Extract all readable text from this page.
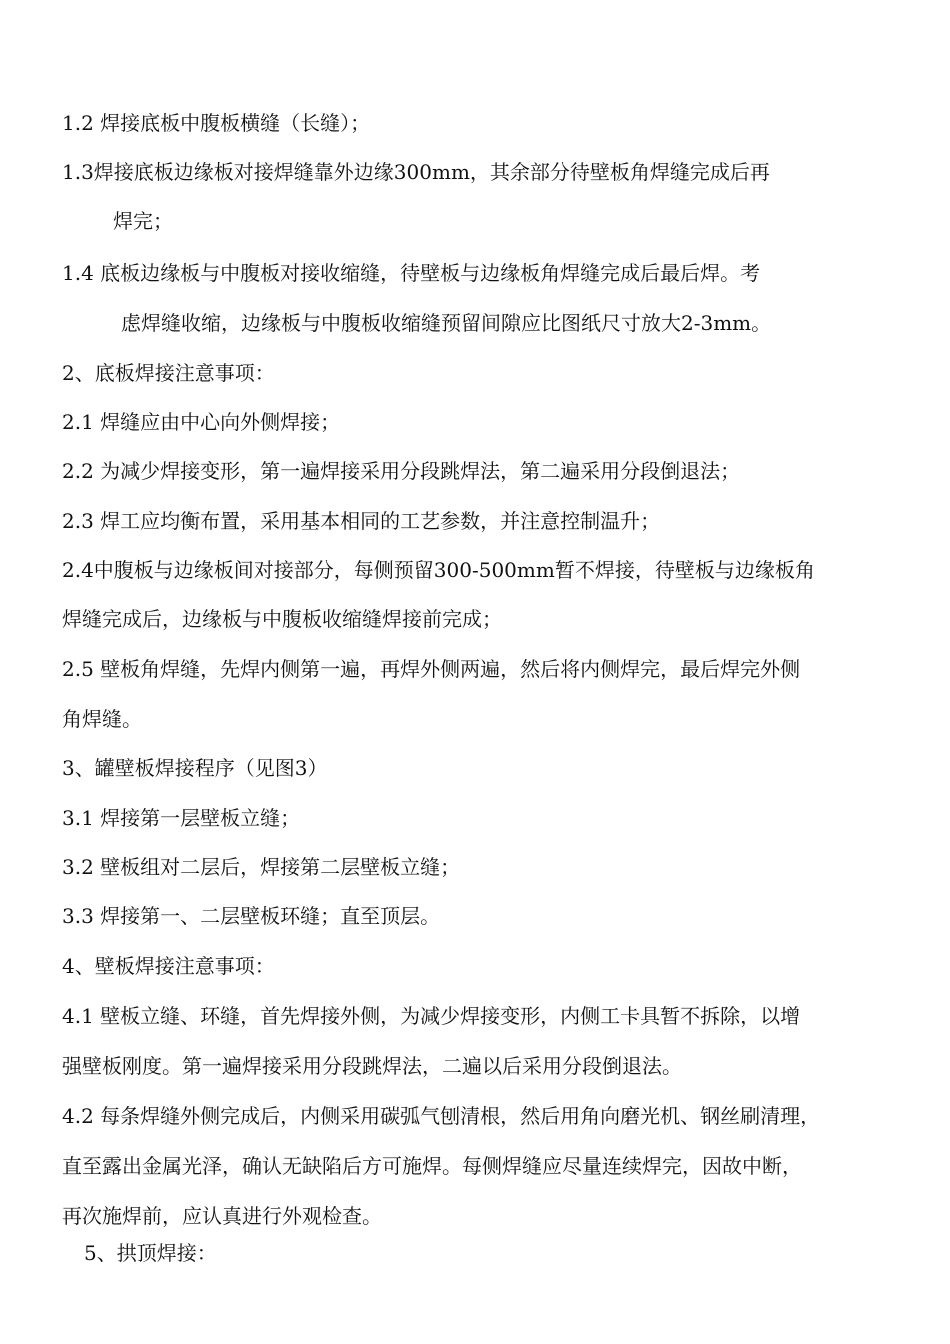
1.2 焊接底板中腹板横缝（长缝）；
1.3焊接底板边缘板对接焊缝靠外边缘300mm，其余部分待壁板角焊缝完成后再
焊完；
1.4 底板边缘板与中腹板对接收缩缝，待壁板与边缘板角焊缝完成后最后焊。考
虑焊缝收缩，边缘板与中腹板收缩缝预留间隙应比图纸尺寸放大2-3mm。
2、底板焊接注意事项：
2.1 焊缝应由中心向外侧焊接；
2.2 为减少焊接变形，第一遍焊接采用分段跳焊法，第二遍采用分段倒退法；
2.3 焊工应均衡布置，采用基本相同的工艺参数，并注意控制温升；
2.4中腹板与边缘板间对接部分，每侧预留300-500mm暂不焊接，待壁板与边缘板角
焊缝完成后，边缘板与中腹板收缩缝焊接前完成；
2.5 壁板角焊缝，先焊内侧第一遍，再焊外侧两遍，然后将内侧焊完，最后焊完外侧
角焊缝。
3、罐壁板焊接程序（见图3）
3.1 焊接第一层壁板立缝；
3.2 壁板组对二层后，焊接第二层壁板立缝；
3.3 焊接第一、二层壁板环缝；直至顶层。
4、壁板焊接注意事项：
4.1 壁板立缝、环缝，首先焊接外侧，为减少焊接变形，内侧工卡具暂不拆除，以增
强壁板刚度。第一遍焊接采用分段跳焊法，二遍以后采用分段倒退法。
4.2 每条焊缝外侧完成后，内侧采用碳弧气刨清根，然后用角向磨光机、钢丝刷清理，
直至露出金属光泽，确认无缺陷后方可施焊。每侧焊缝应尽量连续焊完，因故中断，
再次施焊前，应认真进行外观检查。
5、拱顶焊接：
